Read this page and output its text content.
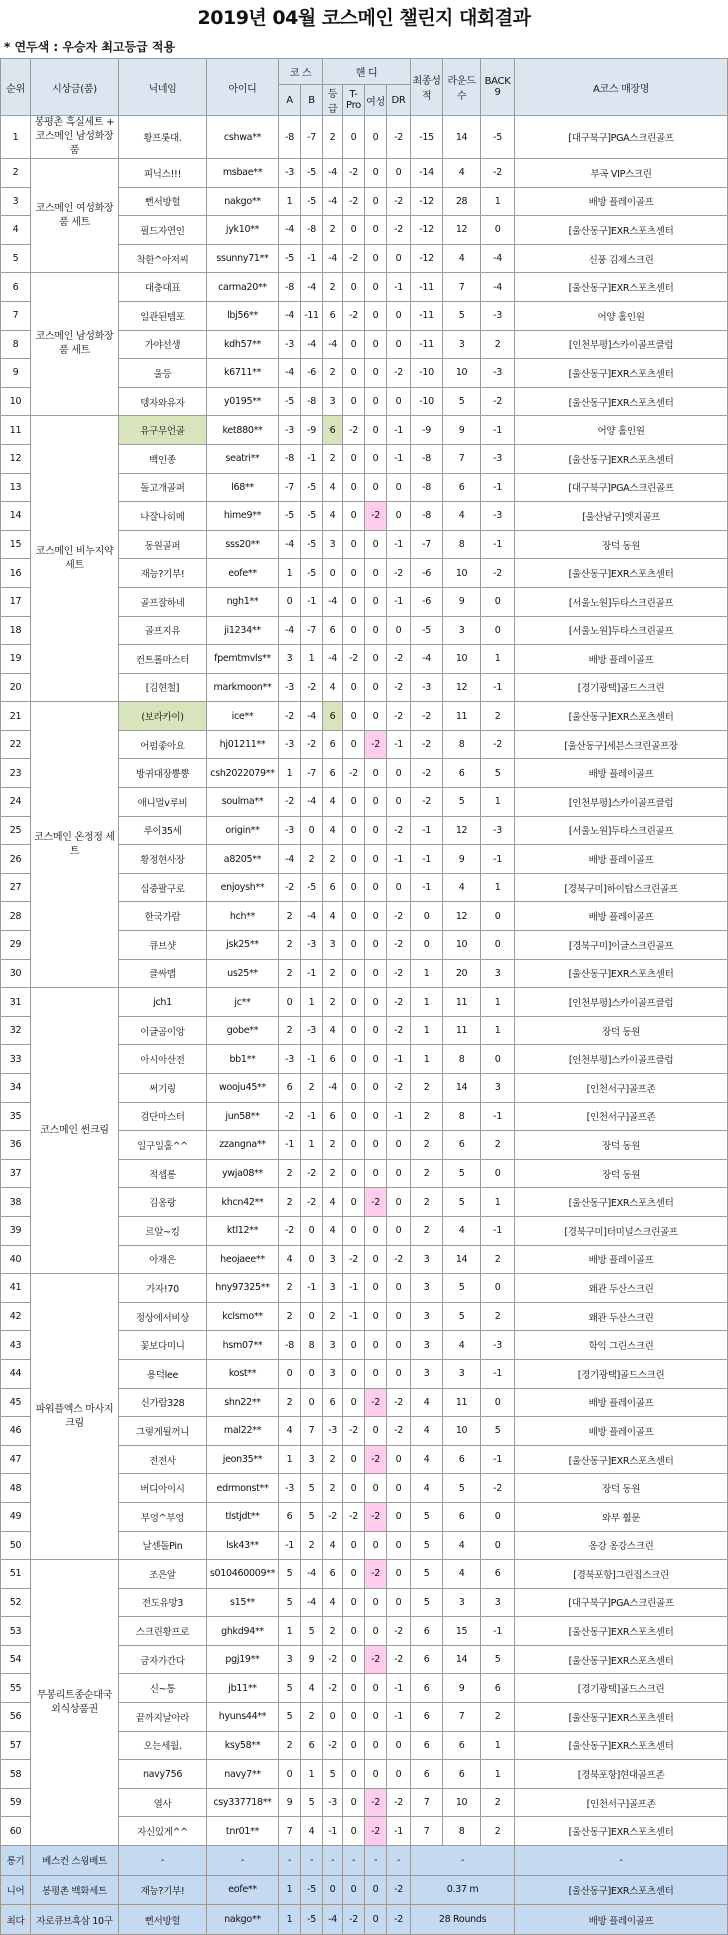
2019년 04월 코스메인 챌린지 대회결과
* 연두색 : 우승자 최고등급 적용
순위	시상금(품)	닉네임	아이디	코 스		핸 디				최종성적	라운드수	BACK 9	A코스 매장명
				A	B	등급	T-Pro	여성	DR				
1	봉평촌 흑실세트 + 코스메인 남성화장품	황프롯대.	cshwa**	-8	-7	2	0	0	-2	-15	14	-5	[대구북구]PGA스크린골프
2	코스메인 여성화장품 세트	피닉스!!!	msbae**	-3	-5	-4	-2	0	0	-14	4	-2	부곡 VIP스크린
3		뻔서방헐	nakgo**	1	-5	-4	-2	0	-2	-12	28	1	배방 플레이골프
4		필드자연인	jyk10**	-4	-8	2	0	0	-2	-12	12	0	[울산동구]EXR스포츠센터
5		착한^아저씨	ssunny71**	-5	-1	-4	-2	0	0	-12	4	-4	신풍 김제스크린
6	코스메인 남성화장품 세트	대충대표	carma20**	-8	-4	2	0	0	-1	-11	7	-4	[울산동구]EXR스포츠센터
7		일관된템포	lbj56**	-4	-11	6	-2	0	0	-11	5	-3	어양 홀인원
8		가야선생	kdh57**	-3	-4	-4	0	0	0	-11	3	2	[인천부평]스카이골프클럽
9		울등	k6711**	-4	-6	2	0	0	-2	-10	10	-3	[울산동구]EXR스포츠센터
10		텡자와유자	y0195**	-5	-8	3	0	0	0	-10	5	-2	[울산동구]EXR스포츠센터
11	코스메인 비누지약 세트	유구무언골	ket880**	-3	-9	6	-2	0	-1	-9	9	-1	어양 홀인원
12		백인종	seatri**	-8	-1	2	0	0	-1	-8	7	-3	[울산동구]EXR스포츠센터
13		돌고개골퍼	l68**	-7	-5	4	0	0	0	-8	6	-1	[대구북구]PGA스크린골프
14		나잘나히메	hime9**	-5	-5	4	0	-2	0	-8	4	-3	[울산남구]엣지골프
15		동원골퍼	sss20**	-4	-5	3	0	0	-1	-7	8	-1	장덕 동원
16		재능?기부!	eofe**	1	-5	0	0	0	-2	-6	10	-2	[울산동구]EXR스포츠센터
17		골프잘하네	ngh1**	0	-1	-4	0	0	-1	-6	9	0	[서울노원]두타스크린골프
18		골프지유	ji1234**	-4	-7	6	0	0	0	-5	3	0	[서울노원]두타스크린골프
19		컨트롤마스터	fpemtmvls**	3	1	-4	-2	0	-2	-4	10	1	배방 플레이골프
20		[김현철]	markmoon**	-3	-2	4	0	0	-2	-3	12	-1	[경기광택]골드스크린
21	코스메인 온정정 세트	(보라카이)	ice**	-2	-4	6	0	0	-2	-2	11	2	[울산동구]EXR스포츠센터
22		어펌좋아요	hj01211**	-3	-2	6	0	-2	-1	-2	8	-2	[울산동구]세븐스크린골프장
23		방귀대장뿡뿡	csh2022079**	1	-7	6	-2	0	0	-2	6	5	배방 플레이골프
24		애니멀v루비	soulma**	-2	-4	4	0	0	0	-2	5	1	[인천부평]스카이골프클럽
25		루이35세	origin**	-3	0	4	0	0	-2	-1	12	-3	[서울노원]두타스크린골프
26		황정현사장	a8205**	-4	2	2	0	0	-1	-1	9	-1	배방 플레이골프
27		십중팔구로	enjoysh**	-2	-5	6	0	0	0	-1	4	1	[경북구미]하이탑스크린골프
28		한국가람	hch**	2	-4	4	0	0	-2	0	12	0	배방 플레이골프
29		큐브샷	jsk25**	2	-3	3	0	0	-2	0	10	0	[경북구미]이글스크린골프
30		클싸맵	us25**	2	-1	2	0	0	-2	1	20	3	[울산동구]EXR스포츠센터
31	코스메인 썬크림	jch1	jc**	0	1	2	0	0	-2	1	11	1	[인천부평]스카이골프클럽
32		이글곰이앙	gobe**	2	-3	4	0	0	-2	1	11	1	장덕 동원
33		아시아산전	bb1**	-3	-1	6	0	0	-1	1	8	0	[인천부평]스카이골프클럽
34		써기링	wooju45**	6	2	-4	0	0	-2	2	14	3	[인천서구]골프존
35		검단마스터	jun58**	-2	-1	6	0	0	-1	2	8	-1	[인천서구]골프존
36		일구일홀^^	zzangna**	-1	1	2	0	0	0	2	6	2	장덕 동원
37		적셉롱	ywja08**	2	-2	2	0	0	0	2	5	0	장덕 동원
38		김옹랑	khcn42**	2	-2	4	0	-2	0	2	5	1	[울산동구]EXR스포츠센터
39		르알~킹	ktl12**	-2	0	4	0	0	0	2	4	-1	[경북구미]터미널스크린골프
40		아재은	heojaee**	4	0	3	-2	0	-2	3	14	2	배방 플레이골프
41	파워플엑스 마사지 크림	가자!70	hny97325**	2	-1	3	-1	0	0	3	5	0	왜관 두산스크린
42		정상에서비상	kclsmo**	2	0	2	-1	0	0	3	5	2	왜관 두산스크린
43		꽃보다미니	hsm07**	-8	8	3	0	0	0	3	4	-3	학익 그린스크린
44		용덕lee	kost**	0	0	3	0	0	0	3	3	-1	[경기광택]골드스크린
45		신가람328	shn22**	2	0	6	0	-2	-2	4	11	0	배방 플레이골프
46		그렇게될꺼니	mal22**	4	7	-3	-2	0	-2	4	10	5	배방 플레이골프
47		전전사	jeon35**	1	3	2	0	-2	0	4	6	-1	[울산동구]EXR스포츠센터
48		버디아이시	edrmonst**	-3	5	2	0	0	0	4	5	-2	장덕 동원
49		부엉^부엉	tlstjdt**	6	5	-2	-2	-2	0	5	6	0	와부 휠문
50		날센돌Pin	lsk43**	-1	2	4	0	0	0	5	4	0	옹강 옹강스크린
51	무봉리트종순대국 외식상품권	조은알	s010460009**	5	-4	6	0	-2	0	5	4	6	[경북포항]그린집스크린
52		전도유망3	s15**	5	-4	4	0	0	0	5	3	3	[대구북구]PGA스크린골프
53		스크린황프로	ghkd94**	1	5	2	0	0	-2	6	15	-1	[울산동구]EXR스포츠센터
54		금자가간다	pgj19**	3	9	-2	0	-2	-2	6	14	5	[울산동구]EXR스포츠센터
55		신~통	jb11**	5	4	-2	0	0	-1	6	9	6	[경기광택]골드스크린
56		끝까지날아라	hyuns44**	5	2	0	0	0	-1	6	7	2	[울산동구]EXR스포츠센터
57		오는세월.	ksy58**	2	6	-2	0	0	0	6	6	1	[울산동구]EXR스포츠센터
58		navy756	navy7**	0	1	5	0	0	0	6	6	1	[경북포항]현대골프존
59		열사	csy337718**	9	5	-3	0	-2	-2	7	10	2	[인천서구]골프존
60		자신있게^^	tnr01**	7	4	-1	0	-2	-1	7	8	2	[울산동구]EXR스포츠센터
롱기	베스컨 스윙배트	-	-	-	-	-	-	-	-	-			-
니어	봉평촌 백화세트	재능?기부!	eofe**	1	-5	0	0	0	-2	0.37 m			[울산동구]EXR스포츠센터
최다	자로큐브흑삼 10구	뻔서방헐	nakgo**	1	-5	-4	-2	0	-2	28 Rounds			배방 플레이골프
